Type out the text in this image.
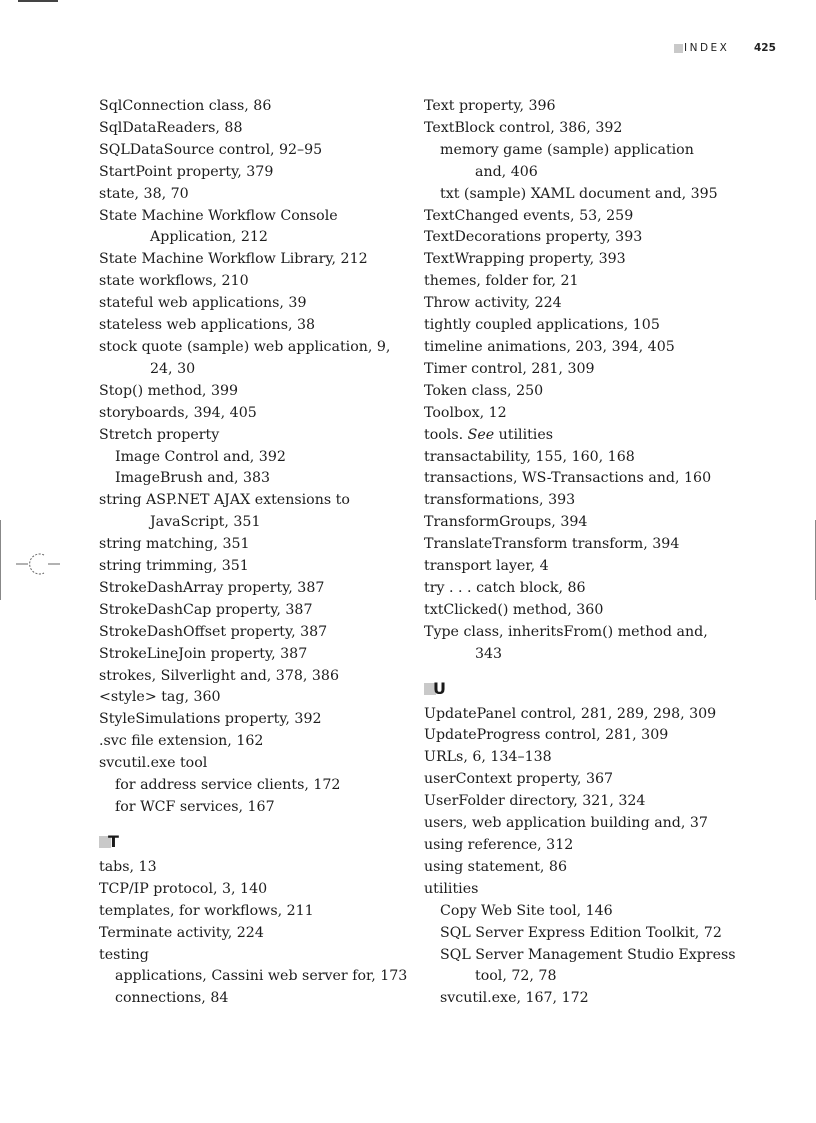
INDEX 425
SqlConnection class, 86
SqlDataReaders, 88
SQLDataSource control, 92–95
StartPoint property, 379
state, 38, 70
State Machine Workflow Console
Application, 212
State Machine Workflow Library, 212
state workflows, 210
stateful web applications, 39
stateless web applications, 38
stock quote (sample) web application, 9,
24, 30
Stop() method, 399
storyboards, 394, 405
Stretch property
Image Control and, 392
ImageBrush and, 383
string ASP.NET AJAX extensions to
JavaScript, 351
string matching, 351
string trimming, 351
StrokeDashArray property, 387
StrokeDashCap property, 387
StrokeDashOffset property, 387
StrokeLineJoin property, 387
strokes, Silverlight and, 378, 386
<style> tag, 360
StyleSimulations property, 392
.svc file extension, 162
svcutil.exe tool
for address service clients, 172
for WCF services, 167
T
tabs, 13
TCP/IP protocol, 3, 140
templates, for workflows, 211
Terminate activity, 224
testing
applications, Cassini web server for, 173
connections, 84
Text property, 396
TextBlock control, 386, 392
memory game (sample) application
and, 406
txt (sample) XAML document and, 395
TextChanged events, 53, 259
TextDecorations property, 393
TextWrapping property, 393
themes, folder for, 21
Throw activity, 224
tightly coupled applications, 105
timeline animations, 203, 394, 405
Timer control, 281, 309
Token class, 250
Toolbox, 12
tools. See utilities
transactability, 155, 160, 168
transactions, WS-Transactions and, 160
transformations, 393
TransformGroups, 394
TranslateTransform transform, 394
transport layer, 4
try . . . catch block, 86
txtClicked() method, 360
Type class, inheritsFrom() method and,
343
U
UpdatePanel control, 281, 289, 298, 309
UpdateProgress control, 281, 309
URLs, 6, 134–138
userContext property, 367
UserFolder directory, 321, 324
users, web application building and, 37
using reference, 312
using statement, 86
utilities
Copy Web Site tool, 146
SQL Server Express Edition Toolkit, 72
SQL Server Management Studio Express
tool, 72, 78
svcutil.exe, 167, 172
